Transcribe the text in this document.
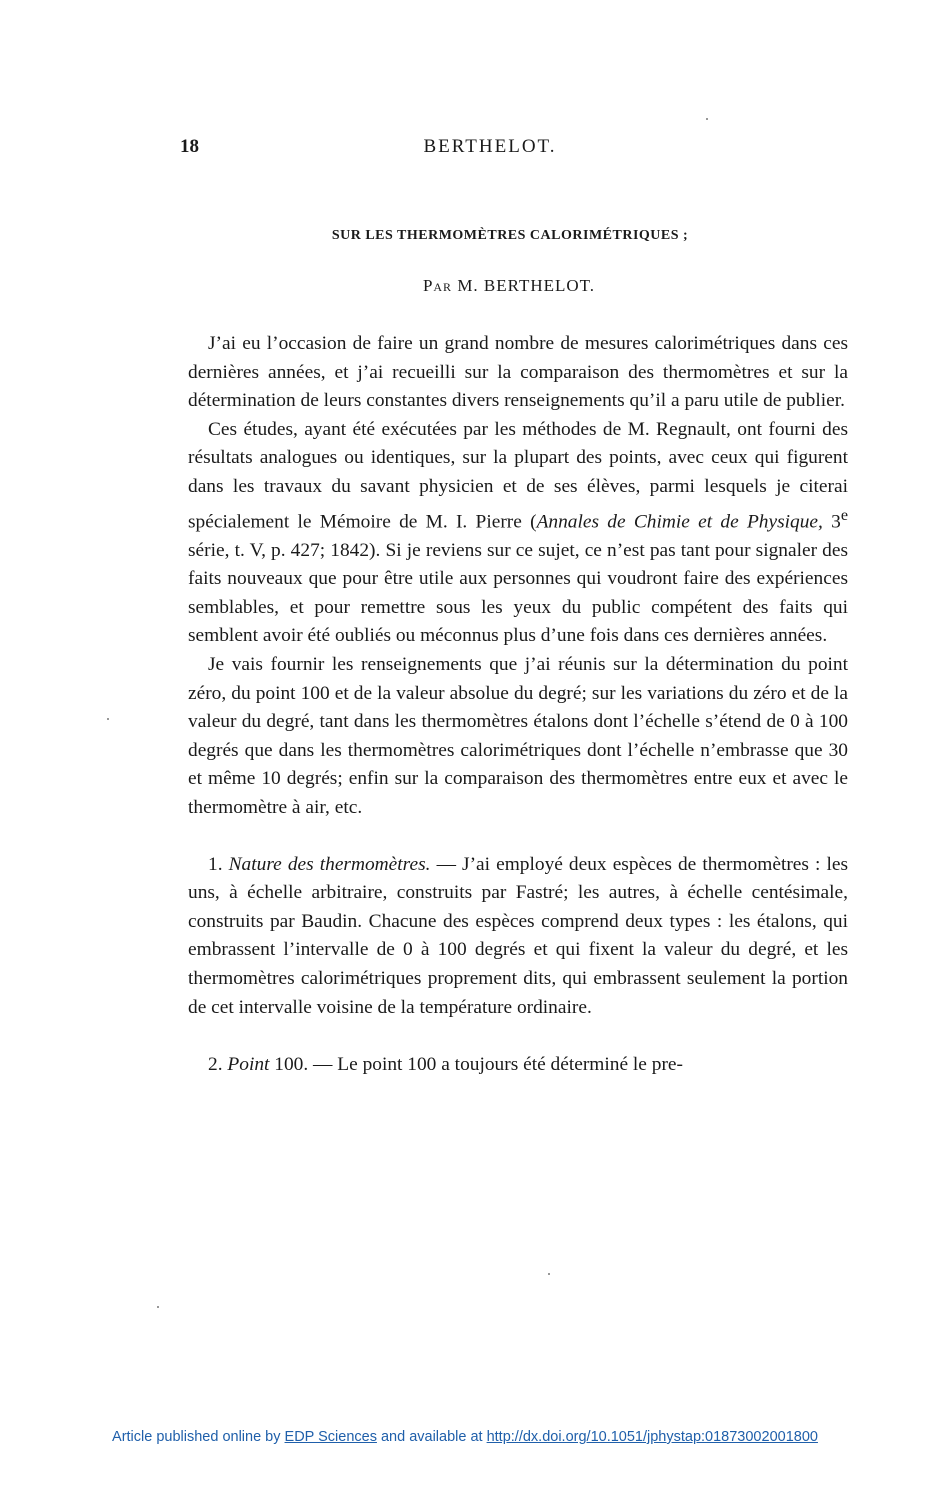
18	BERTHELOT.
SUR LES THERMOMÈTRES CALORIMÉTRIQUES ;
Par M. BERTHELOT.

J’ai eu l’occasion de faire un grand nombre de mesures calorimétriques dans ces dernières années, et j’ai recueilli sur la comparaison des thermomètres et sur la détermination de leurs constantes divers renseignements qu’il a paru utile de publier.

Ces études, ayant été exécutées par les méthodes de M. Regnault, ont fourni des résultats analogues ou identiques, sur la plupart des points, avec ceux qui figurent dans les travaux du savant physicien et de ses élèves, parmi lesquels je citerai spécialement le Mémoire de M. I. Pierre (Annales de Chimie et de Physique, 3e série, t. V, p. 427; 1842). Si je reviens sur ce sujet, ce n’est pas tant pour signaler des faits nouveaux que pour être utile aux personnes qui voudront faire des expériences semblables, et pour remettre sous les yeux du public compétent des faits qui semblent avoir été oubliés ou méconnus plus d’une fois dans ces dernières années.

Je vais fournir les renseignements que j’ai réunis sur la détermination du point zéro, du point 100 et de la valeur absolue du degré; sur les variations du zéro et de la valeur du degré, tant dans les thermomètres étalons dont l’échelle s’étend de 0 à 100 degrés que dans les thermomètres calorimétriques dont l’échelle n’embrasse que 30 et même 10 degrés; enfin sur la comparaison des thermomètres entre eux et avec le thermomètre à air, etc.

1. Nature des thermomètres. — J’ai employé deux espèces de thermomètres : les uns, à échelle arbitraire, construits par Fastré; les autres, à échelle centésimale, construits par Baudin. Chacune des espèces comprend deux types : les étalons, qui embrassent l’intervalle de 0 à 100 degrés et qui fixent la valeur du degré, et les thermomètres calorimétriques proprement dits, qui embrassent seulement la portion de cet intervalle voisine de la température ordinaire.

2. Point 100. — Le point 100 a toujours été déterminé le pre-

Article published online by EDP Sciences and available at http://dx.doi.org/10.1051/jphystap:01873002001800
